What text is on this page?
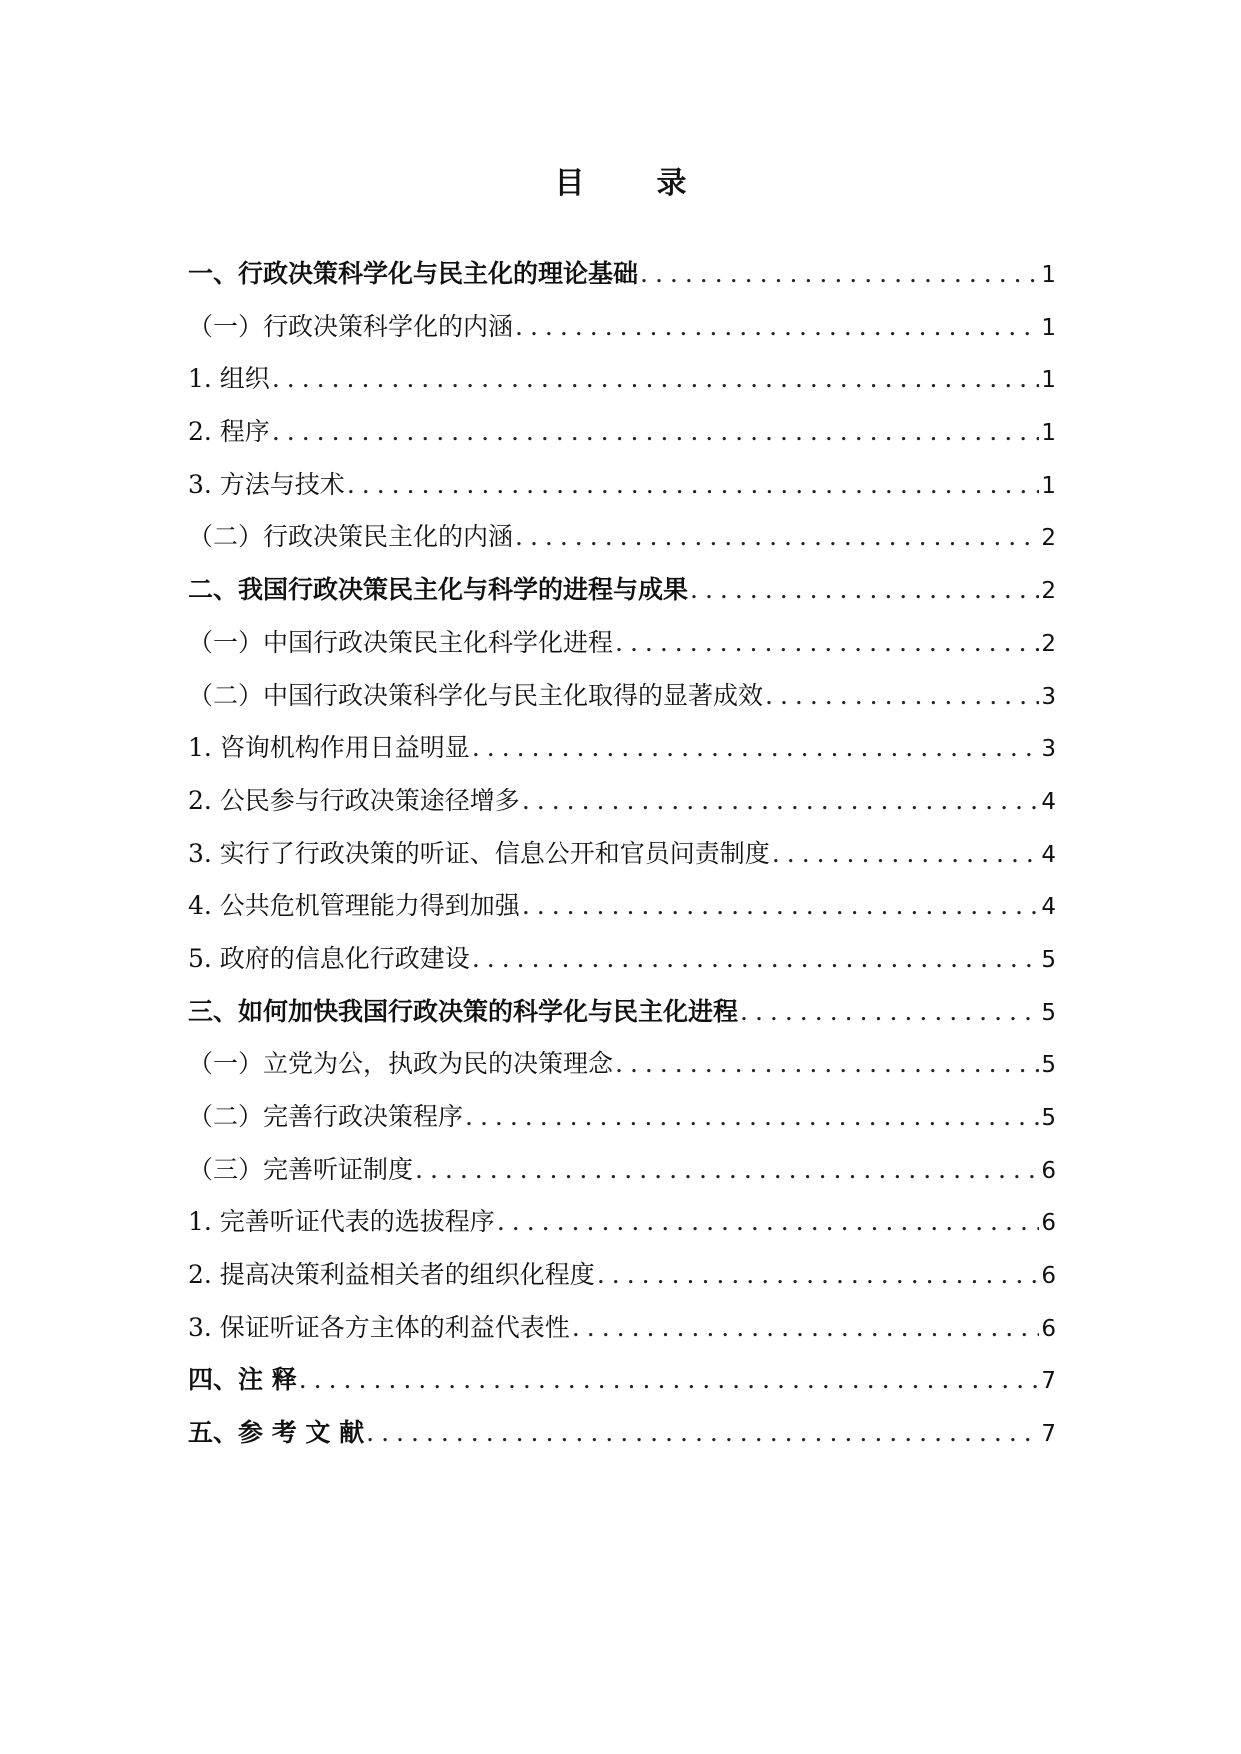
目 录
一、行政决策科学化与民主化的理论基础 .....	1
（一）行政决策科学化的内涵 .....	1
1. 组织 .....	1
2. 程序 .....	1
3. 方法与技术 .....	1
（二）行政决策民主化的内涵 .....	2
二、我国行政决策民主化与科学的进程与成果 .....	2
（一）中国行政决策民主化科学化进程 .....	2
（二）中国行政决策科学化与民主化取得的显著成效 .....	3
1. 咨询机构作用日益明显 .....	3
2. 公民参与行政决策途径增多 .....	4
3. 实行了行政决策的听证、信息公开和官员问责制度 .....	4
4. 公共危机管理能力得到加强 .....	4
5. 政府的信息化行政建设 .....	5
三、如何加快我国行政决策的科学化与民主化进程 .....	5
（一）立党为公，执政为民的决策理念 .....	5
（二）完善行政决策程序 .....	5
（三）完善听证制度 .....	6
1. 完善听证代表的选拔程序 .....	6
2. 提高决策利益相关者的组织化程度 .....	6
3. 保证听证各方主体的利益代表性 .....	6
四、注 释 .....	7
五、参 考 文 献 .....	7
